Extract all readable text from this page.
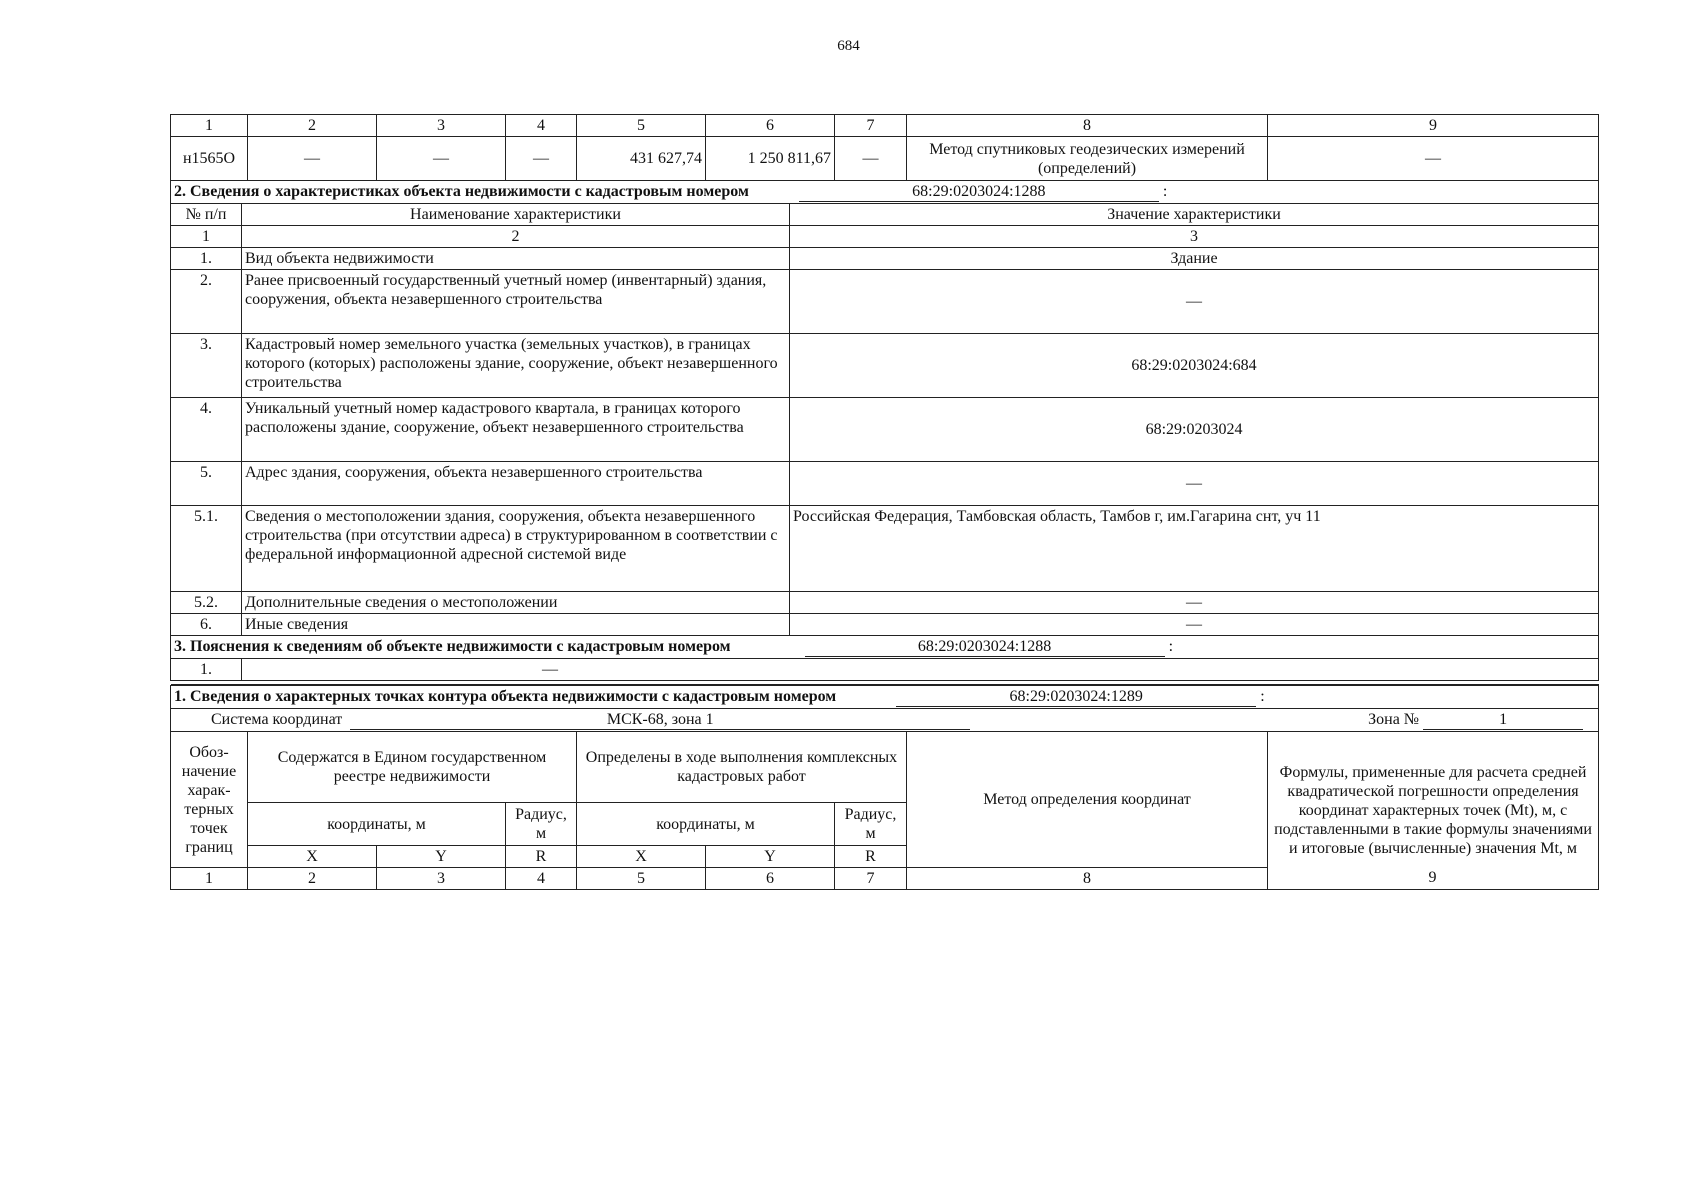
684
1	2	3	4	5	6	7	8	9
н1565О	—	—	—	431 627,74	1 250 811,67	—	Метод спутниковых геодезических измерений (определений)	—
2. Сведения о характеристиках объекта недвижимости с кадастровым номером 68:29:0203024:1288 :		
№ п/п	Наименование характеристики	Значение характеристики
1	2	3
1.	Вид объекта недвижимости	Здание
2.	Ранее присвоенный государственный учетный номер (инвентарный) здания, сооружения, объекта незавершенного строительства	—
3.	Кадастровый номер земельного участка (земельных участков), в границах которого (которых) расположены здание, сооружение, объект незавершенного строительства	68:29:0203024:684
4.	Уникальный учетный номер кадастрового квартала, в границах которого расположены здание, сооружение, объект незавершенного строительства	68:29:0203024
5.	Адрес здания, сооружения, объекта незавершенного строительства	—
5.1.	Сведения о местоположении здания, сооружения, объекта незавершенного строительства (при отсутствии адреса) в структурированном в соответствии с федеральной информационной адресной системой виде	Российская Федерация, Тамбовская область, Тамбов г, им.Гагарина снт, уч 11
5.2.	Дополнительные сведения о местоположении	—
6.	Иные сведения	—
3. Пояснения к сведениям об объекте недвижимости с кадастровым номером 68:29:0203024:1288 :		
1.	—	

1. Сведения о характерных точках контура объекта недвижимости с кадастровым номером 68:29:0203024:1289 :								
Система координат МСК-68, зона 1 Зона № 1								

Обоз-начение харак-терных точек границ	Содержатся в Едином государственном реестре недвижимости			Определены в ходе выполнения комплексных кадастровых работ			Метод определения координат	Формулы, примененные для расчета средней квадратической погрешности определения координат характерных точек (Mt), м, с подставленными в такие формулы значениями и итоговые (вычисленные) значения Mt, м
	координаты, м		Радиус, м	координаты, м		Радиус, м		
	X	Y	R	X	Y	R		
1	2	3	4	5	6	7	8		9
